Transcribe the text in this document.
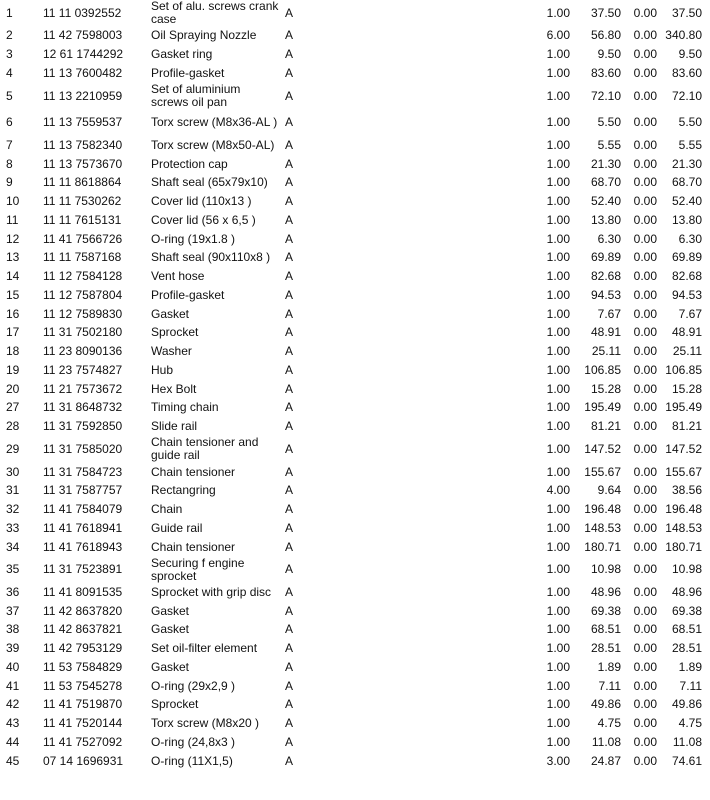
1	11 11 0392552	Set of alu. screws crank case	A		1.00	37.50	0.00	37.50
2	11 42 7598003	Oil Spraying Nozzle	A		6.00	56.80	0.00	340.80
3	12 61 1744292	Gasket ring	A		1.00	9.50	0.00	9.50
4	11 13 7600482	Profile-gasket	A		1.00	83.60	0.00	83.60
5	11 13 2210959	Set of aluminium screws oil pan	A		1.00	72.10	0.00	72.10
6	11 13 7559537	Torx screw (M8x36-AL )	A		1.00	5.50	0.00	5.50
7	11 13 7582340	Torx screw (M8x50-AL)	A		1.00	5.55	0.00	5.55
8	11 13 7573670	Protection cap	A		1.00	21.30	0.00	21.30
9	11 11 8618864	Shaft seal (65x79x10)	A		1.00	68.70	0.00	68.70
10	11 11 7530262	Cover lid (110x13 )	A		1.00	52.40	0.00	52.40
11	11 11 7615131	Cover lid (56 x 6,5 )	A		1.00	13.80	0.00	13.80
12	11 41 7566726	O-ring (19x1.8 )	A		1.00	6.30	0.00	6.30
13	11 11 7587168	Shaft seal (90x110x8 )	A		1.00	69.89	0.00	69.89
14	11 12 7584128	Vent hose	A		1.00	82.68	0.00	82.68
15	11 12 7587804	Profile-gasket	A		1.00	94.53	0.00	94.53
16	11 12 7589830	Gasket	A		1.00	7.67	0.00	7.67
17	11 31 7502180	Sprocket	A		1.00	48.91	0.00	48.91
18	11 23 8090136	Washer	A		1.00	25.11	0.00	25.11
19	11 23 7574827	Hub	A		1.00	106.85	0.00	106.85
20	11 21 7573672	Hex Bolt	A		1.00	15.28	0.00	15.28
27	11 31 8648732	Timing chain	A		1.00	195.49	0.00	195.49
28	11 31 7592850	Slide rail	A		1.00	81.21	0.00	81.21
29	11 31 7585020	Chain tensioner and guide rail	A		1.00	147.52	0.00	147.52
30	11 31 7584723	Chain tensioner	A		1.00	155.67	0.00	155.67
31	11 31 7587757	Rectangring	A		4.00	9.64	0.00	38.56
32	11 41 7584079	Chain	A		1.00	196.48	0.00	196.48
33	11 41 7618941	Guide rail	A		1.00	148.53	0.00	148.53
34	11 41 7618943	Chain tensioner	A		1.00	180.71	0.00	180.71
35	11 31 7523891	Securing f engine sprocket	A		1.00	10.98	0.00	10.98
36	11 41 8091535	Sprocket with grip disc	A		1.00	48.96	0.00	48.96
37	11 42 8637820	Gasket	A		1.00	69.38	0.00	69.38
38	11 42 8637821	Gasket	A		1.00	68.51	0.00	68.51
39	11 42 7953129	Set oil-filter element	A		1.00	28.51	0.00	28.51
40	11 53 7584829	Gasket	A		1.00	1.89	0.00	1.89
41	11 53 7545278	O-ring (29x2,9 )	A		1.00	7.11	0.00	7.11
42	11 41 7519870	Sprocket	A		1.00	49.86	0.00	49.86
43	11 41 7520144	Torx screw (M8x20 )	A		1.00	4.75	0.00	4.75
44	11 41 7527092	O-ring (24,8x3 )	A		1.00	11.08	0.00	11.08
45	07 14 1696931	O-ring (11X1,5)	A		3.00	24.87	0.00	74.61
